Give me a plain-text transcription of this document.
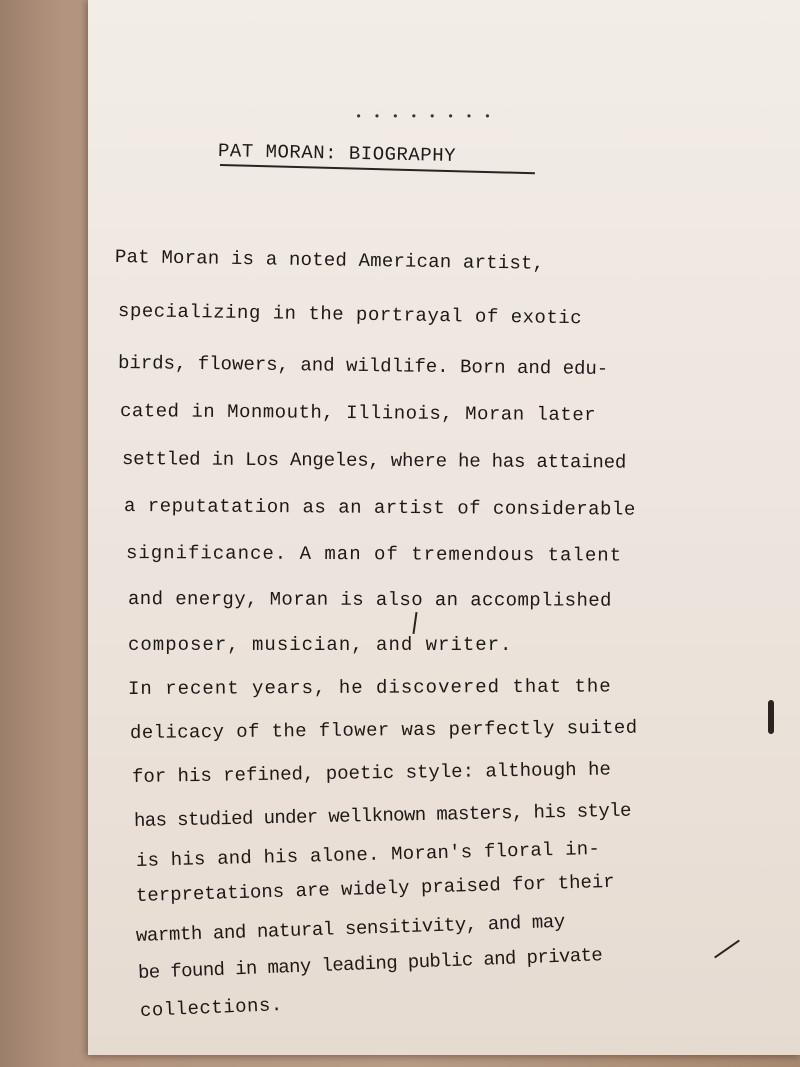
• • • • • • • •
PAT MORAN: BIOGRAPHY

Pat Moran is a noted American artist,

specializing in the portrayal of exotic

birds, flowers, and wildlife. Born and edu-

cated in Monmouth, Illinois, Moran later

settled in Los Angeles, where he has attained

a reputatation as an artist of considerable

significance. A man of tremendous talent

and energy, Moran is also an accomplished

composer, musician, and writer.

In recent years, he discovered that the

delicacy of the flower was perfectly suited

for his refined, poetic style: although he

has studied under wellknown masters, his style

is his and his alone. Moran's floral in-

terpretations are widely praised for their

warmth and natural sensitivity, and may

be found in many leading public and private

collections.
